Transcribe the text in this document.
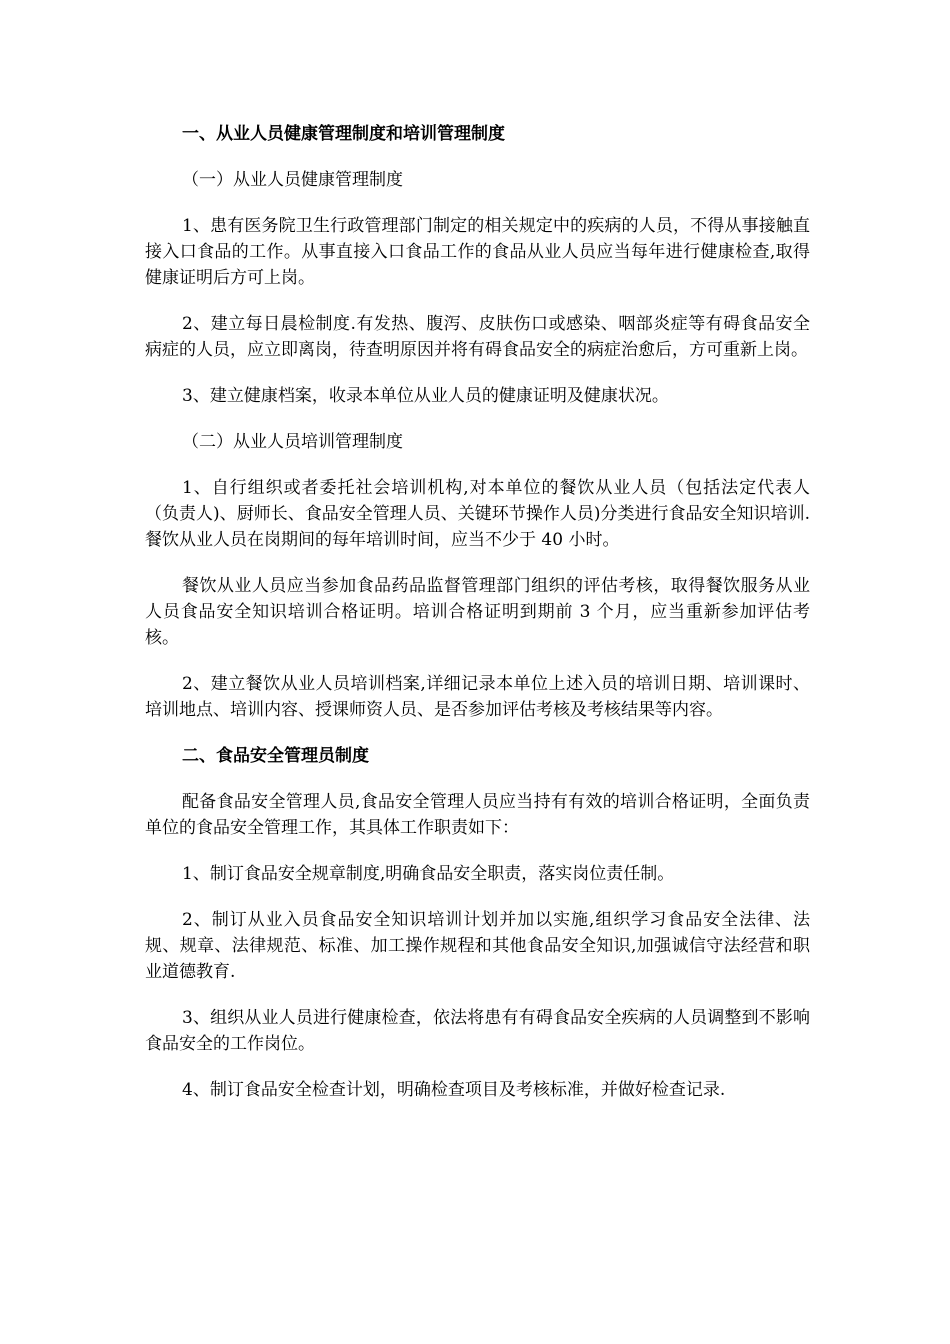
一、从业人员健康管理制度和培训管理制度

（一）从业人员健康管理制度

1、患有医务院卫生行政管理部门制定的相关规定中的疾病的人员，不得从事接触直接入口食品的工作。从事直接入口食品工作的食品从业人员应当每年进行健康检查,取得健康证明后方可上岗。

2、建立每日晨检制度.有发热、腹泻、皮肤伤口或感染、咽部炎症等有碍食品安全病症的人员，应立即离岗，待查明原因并将有碍食品安全的病症治愈后，方可重新上岗。

3、建立健康档案，收录本单位从业人员的健康证明及健康状况。

（二）从业人员培训管理制度

1、自行组织或者委托社会培训机构,对本单位的餐饮从业人员（包括法定代表人（负责人)、厨师长、食品安全管理人员、关键环节操作人员)分类进行食品安全知识培训.餐饮从业人员在岗期间的每年培训时间，应当不少于 40 小时。

餐饮从业人员应当参加食品药品监督管理部门组织的评估考核，取得餐饮服务从业人员食品安全知识培训合格证明。培训合格证明到期前 3 个月，应当重新参加评估考核。

2、建立餐饮从业人员培训档案,详细记录本单位上述入员的培训日期、培训课时、培训地点、培训内容、授课师资人员、是否参加评估考核及考核结果等内容。

二、食品安全管理员制度

配备食品安全管理人员,食品安全管理人员应当持有有效的培训合格证明，全面负责单位的食品安全管理工作，其具体工作职责如下：

1、制订食品安全规章制度,明确食品安全职责，落实岗位责任制。

2、制订从业入员食品安全知识培训计划并加以实施,组织学习食品安全法律、法规、规章、法律规范、标准、加工操作规程和其他食品安全知识,加强诚信守法经营和职业道德教育.

3、组织从业人员进行健康检查，依法将患有有碍食品安全疾病的人员调整到不影响食品安全的工作岗位。

4、制订食品安全检查计划，明确检查项目及考核标准，并做好检查记录.
